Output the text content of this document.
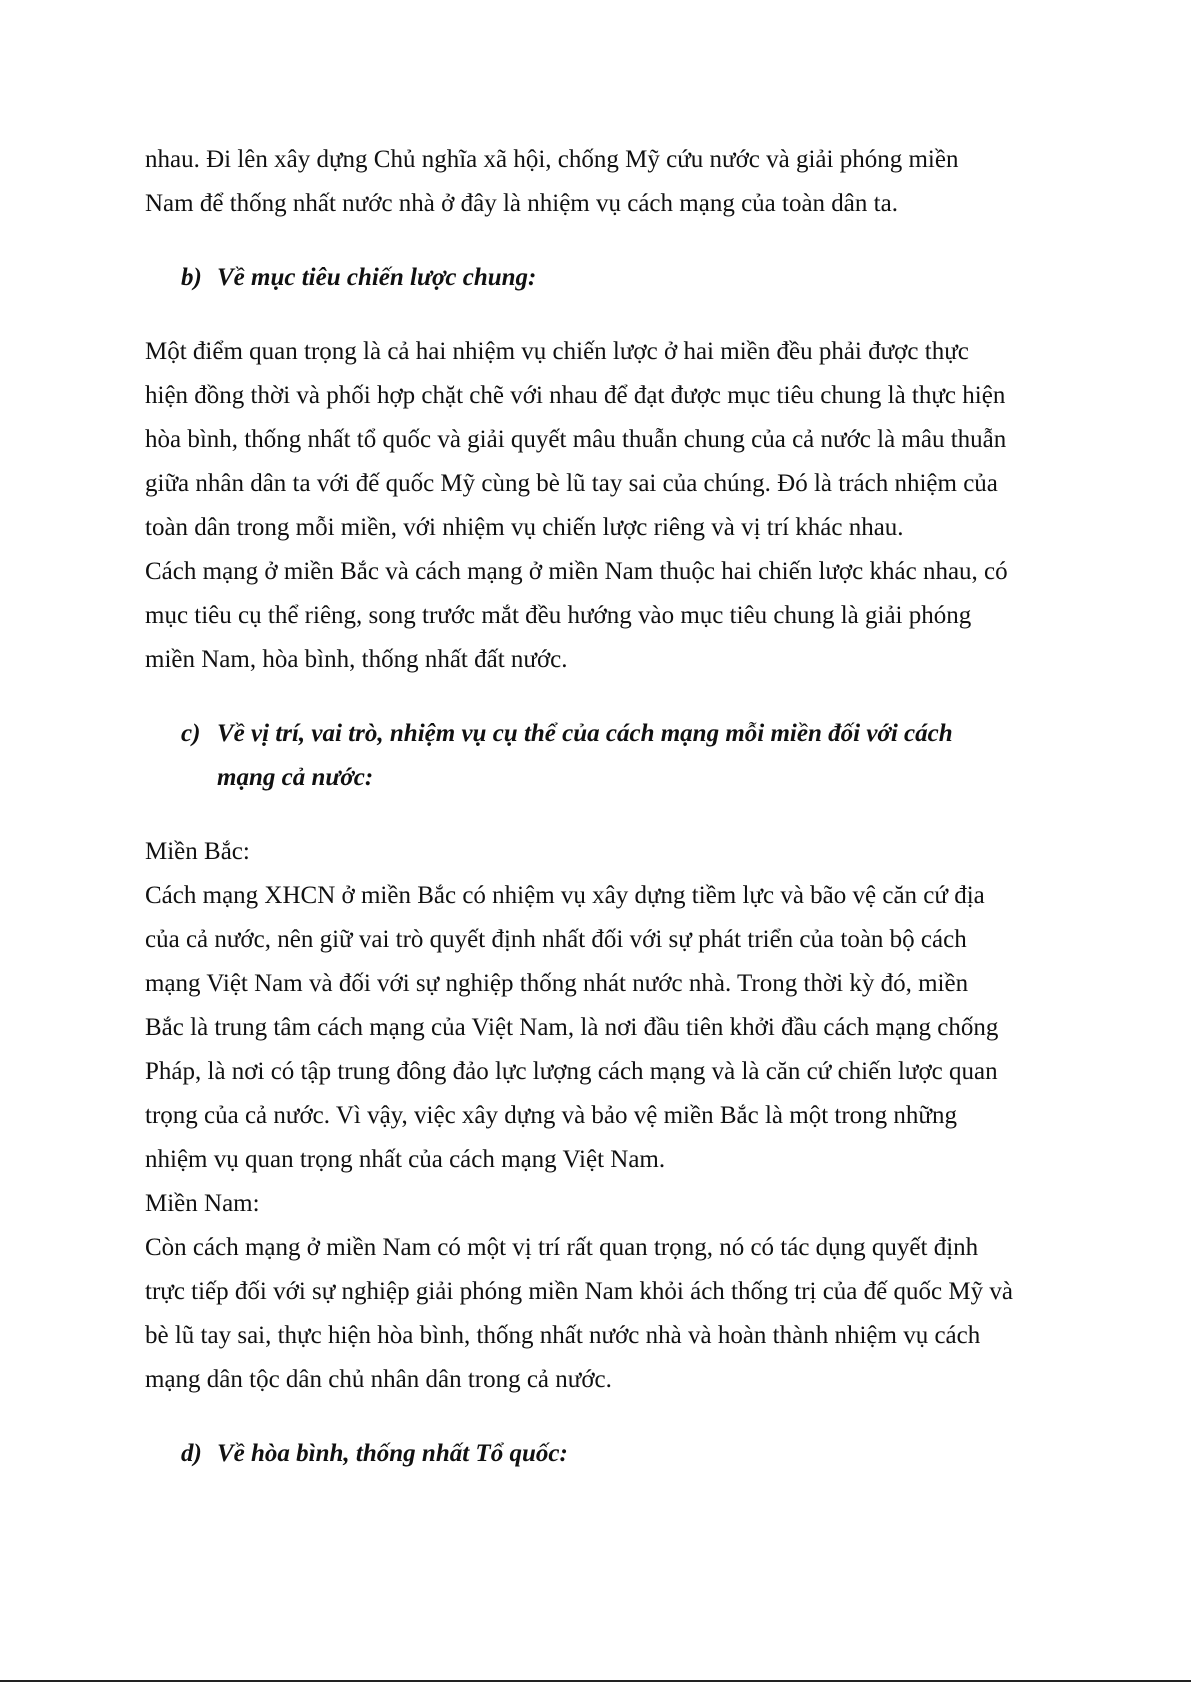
nhau. Đi lên xây dựng Chủ nghĩa xã hội, chống Mỹ cứu nước và giải phóng miền
Nam để thống nhất nước nhà ở đây là nhiệm vụ cách mạng của toàn dân ta.
b) Về mục tiêu chiến lược chung:
Một điểm quan trọng là cả hai nhiệm vụ chiến lược ở hai miền đều phải được thực
hiện đồng thời và phối hợp chặt chẽ với nhau để đạt được mục tiêu chung là thực hiện
hòa bình, thống nhất tổ quốc và giải quyết mâu thuẫn chung của cả nước là mâu thuẫn
giữa nhân dân ta với đế quốc Mỹ cùng bè lũ tay sai của chúng. Đó là trách nhiệm của
toàn dân trong mỗi miền, với nhiệm vụ chiến lược riêng và vị trí khác nhau.
Cách mạng ở miền Bắc và cách mạng ở miền Nam thuộc hai chiến lược khác nhau, có
mục tiêu cụ thể riêng, song trước mắt đều hướng vào mục tiêu chung là giải phóng
miền Nam, hòa bình, thống nhất đất nước.
c) Về vị trí, vai trò, nhiệm vụ cụ thể của cách mạng mỗi miền đối với cách
mạng cả nước:
Miền Bắc:
Cách mạng XHCN ở miền Bắc có nhiệm vụ xây dựng tiềm lực và bão vệ căn cứ địa
của cả nước, nên giữ vai trò quyết định nhất đối với sự phát triển của toàn bộ cách
mạng Việt Nam và đối với sự nghiệp thống nhát nước nhà. Trong thời kỳ đó, miền
Bắc là trung tâm cách mạng của Việt Nam, là nơi đầu tiên khởi đầu cách mạng chống
Pháp, là nơi có tập trung đông đảo lực lượng cách mạng và là căn cứ chiến lược quan
trọng của cả nước. Vì vậy, việc xây dựng và bảo vệ miền Bắc là một trong những
nhiệm vụ quan trọng nhất của cách mạng Việt Nam.
Miền Nam:
Còn cách mạng ở miền Nam có một vị trí rất quan trọng, nó có tác dụng quyết định
trực tiếp đối với sự nghiệp giải phóng miền Nam khỏi ách thống trị của đế quốc Mỹ và
bè lũ tay sai, thực hiện hòa bình, thống nhất nước nhà và hoàn thành nhiệm vụ cách
mạng dân tộc dân chủ nhân dân trong cả nước.
d) Về hòa bình, thống nhất Tổ quốc:
